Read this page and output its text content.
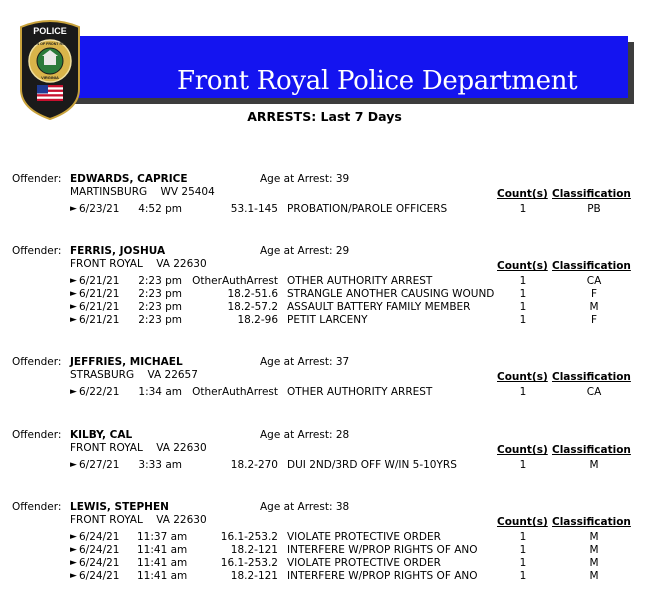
Front Royal Police Department
POLICE
TOWN OF FRONT ROYAL
VIRGINIA
ARRESTS: Last 7 Days
Offender: EDWARDS, CAPRICE	Age at Arrest: 39
MARTINSBURG WV 25404	Count(s) Classification
► 6/23/21 4:52 pm	53.1-145 PROBATION/PAROLE OFFICERS	1	PB
Offender: FERRIS, JOSHUA	Age at Arrest: 29
FRONT ROYAL VA 22630	Count(s) Classification
► 6/21/21 2:23 pm OtherAuthArrest OTHER AUTHORITY ARREST	1	CA
► 6/21/21 2:23 pm	18.2-51.6 STRANGLE ANOTHER CAUSING WOUND	1	F
► 6/21/21 2:23 pm	18.2-57.2 ASSAULT BATTERY FAMILY MEMBER	1	M
► 6/21/21 2:23 pm	18.2-96 PETIT LARCENY	1	F
Offender: JEFFRIES, MICHAEL	Age at Arrest: 37
STRASBURG VA 22657	Count(s) Classification
► 6/22/21 1:34 am OtherAuthArrest OTHER AUTHORITY ARREST	1	CA
Offender: KILBY, CAL	Age at Arrest: 28
FRONT ROYAL VA 22630	Count(s) Classification
► 6/27/21 3:33 am	18.2-270 DUI 2ND/3RD OFF W/IN 5-10YRS	1	M
Offender: LEWIS, STEPHEN	Age at Arrest: 38
FRONT ROYAL VA 22630	Count(s) Classification
► 6/24/21 11:37 am	16.1-253.2 VIOLATE PROTECTIVE ORDER	1	M
► 6/24/21 11:41 am	18.2-121 INTERFERE W/PROP RIGHTS OF ANO	1	M
► 6/24/21 11:41 am	16.1-253.2 VIOLATE PROTECTIVE ORDER	1	M
► 6/24/21 11:41 am	18.2-121 INTERFERE W/PROP RIGHTS OF ANO	1	M
